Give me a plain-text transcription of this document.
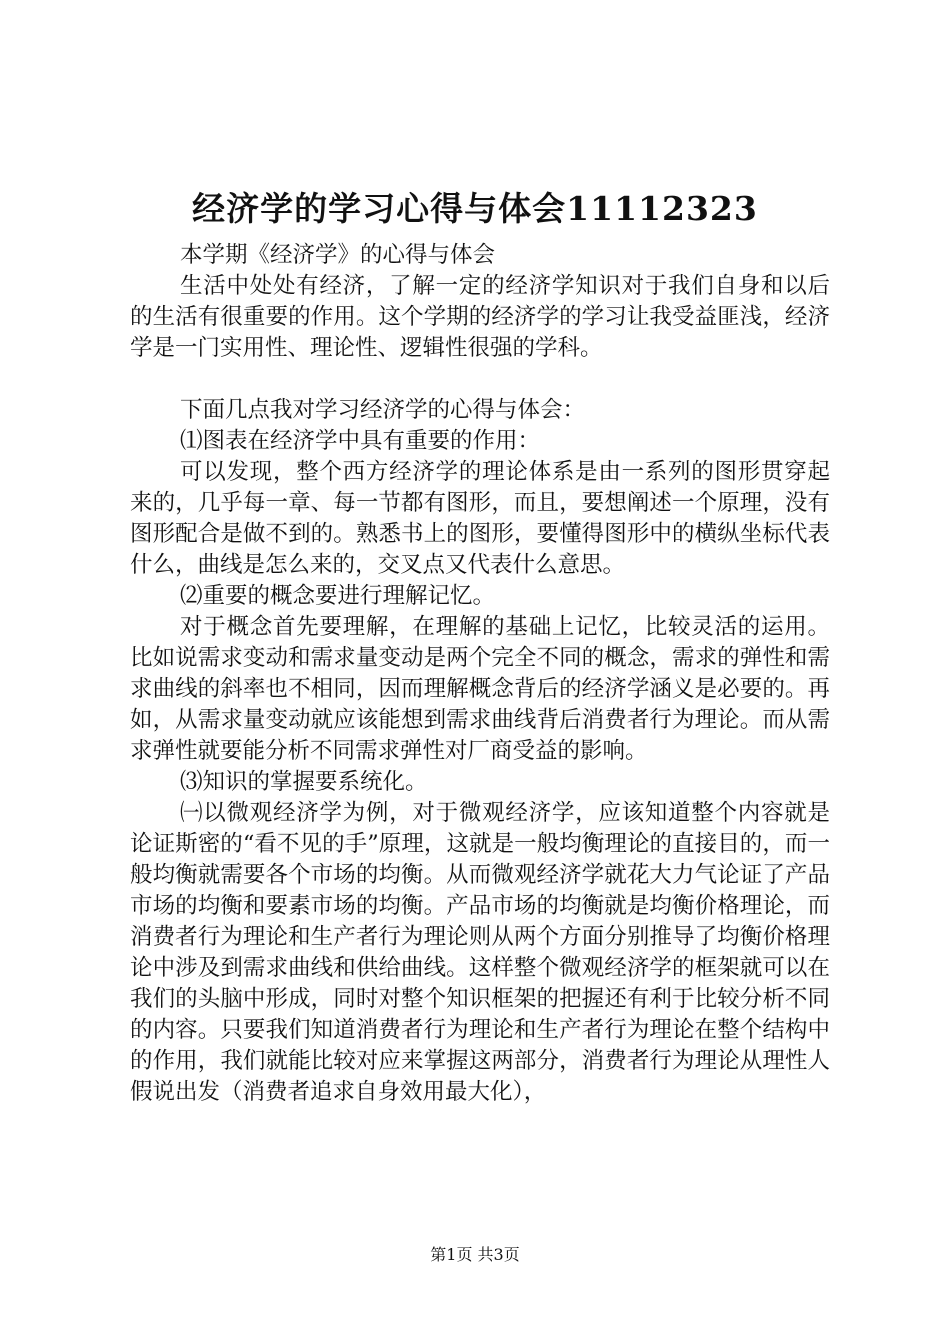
经济学的学习心得与体会11112323

本学期《经济学》的心得与体会

生活中处处有经济，了解一定的经济学知识对于我们自身和以后的生活有很重要的作用。这个学期的经济学的学习让我受益匪浅，经济学是一门实用性、理论性、逻辑性很强的学科。

下面几点我对学习经济学的心得与体会：

⑴图表在经济学中具有重要的作用：

可以发现，整个西方经济学的理论体系是由一系列的图形贯穿起来的，几乎每一章、每一节都有图形，而且，要想阐述一个原理，没有图形配合是做不到的。熟悉书上的图形，要懂得图形中的横纵坐标代表什么，曲线是怎么来的，交叉点又代表什么意思。

⑵重要的概念要进行理解记忆。

对于概念首先要理解，在理解的基础上记忆，比较灵活的运用。比如说需求变动和需求量变动是两个完全不同的概念，需求的弹性和需求曲线的斜率也不相同，因而理解概念背后的经济学涵义是必要的。再如，从需求量变动就应该能想到需求曲线背后消费者行为理论。而从需求弹性就要能分析不同需求弹性对厂商受益的影响。

⑶知识的掌握要系统化。

㈠以微观经济学为例，对于微观经济学，应该知道整个内容就是论证斯密的“看不见的手”原理，这就是一般均衡理论的直接目的，而一般均衡就需要各个市场的均衡。从而微观经济学就花大力气论证了产品市场的均衡和要素市场的均衡。产品市场的均衡就是均衡价格理论，而消费者行为理论和生产者行为理论则从两个方面分别推导了均衡价格理论中涉及到需求曲线和供给曲线。这样整个微观经济学的框架就可以在我们的头脑中形成，同时对整个知识框架的把握还有利于比较分析不同的内容。只要我们知道消费者行为理论和生产者行为理论在整个结构中的作用，我们就能比较对应来掌握这两部分，消费者行为理论从理性人假说出发（消费者追求自身效用最大化），

第1页 共3页
